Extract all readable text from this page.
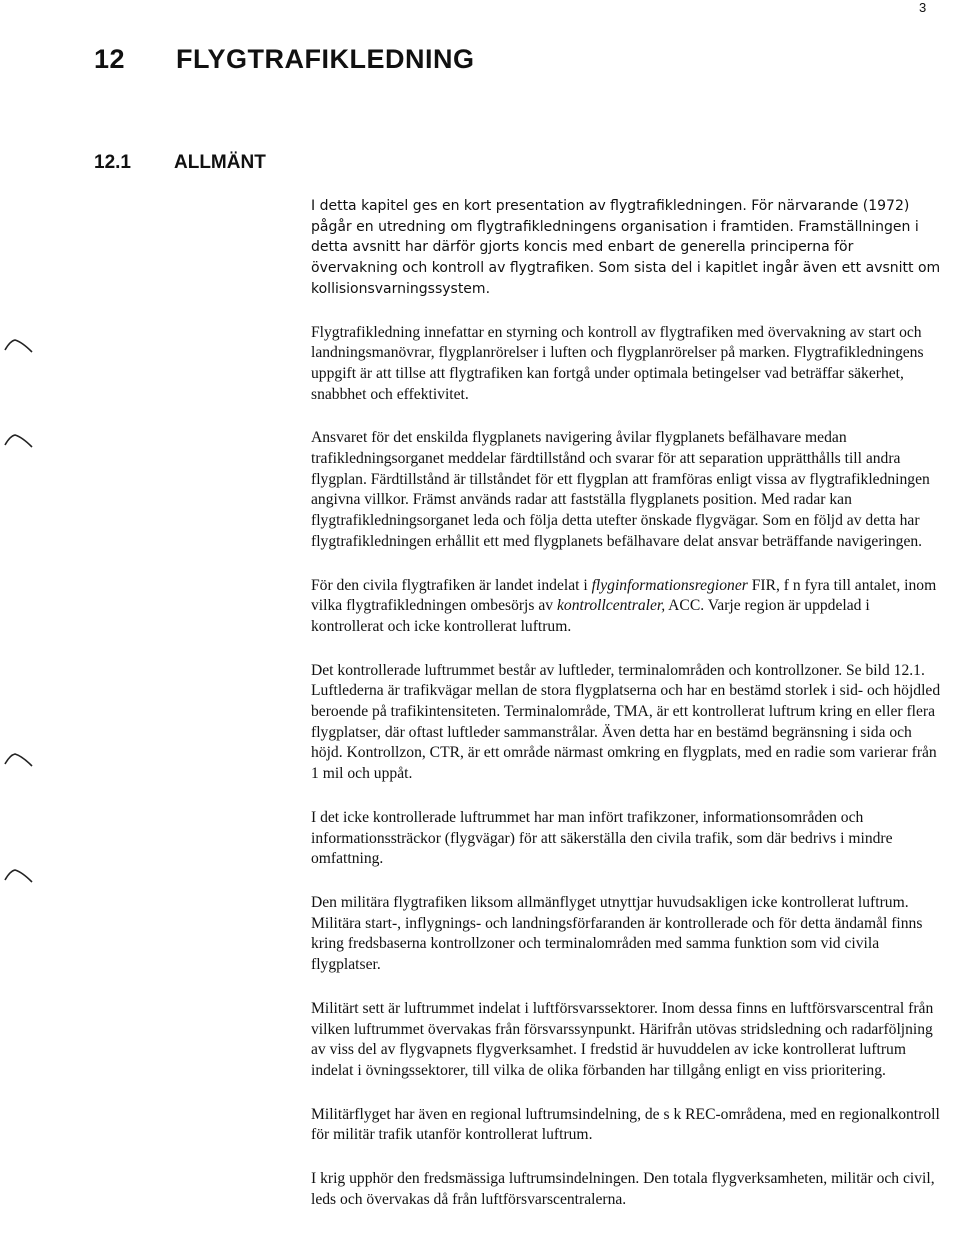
3
12 FLYGTRAFIKLEDNING
12.1 ALLMÄNT

I detta kapitel ges en kort presentation av flygtrafikledningen. För närvarande (1972) pågår en utredning om flygtrafikledningens organisation i framtiden. Framställningen i detta avsnitt har därför gjorts koncis med enbart de generella principerna för övervakning och kontroll av flygtrafiken. Som sista del i kapitlet ingår även ett avsnitt om kollisionsvarningssystem.

Flygtrafikledning innefattar en styrning och kontroll av flygtrafiken med övervakning av start och landningsmanövrar, flygplanrörelser i luften och flygplanrörelser på marken. Flygtrafikledningens uppgift är att tillse att flygtrafiken kan fortgå under optimala betingelser vad beträffar säkerhet, snabbhet och effektivitet.

Ansvaret för det enskilda flygplanets navigering åvilar flygplanets befälhavare medan trafikledningsorganet meddelar färdtillstånd och svarar för att separation upprätthålls till andra flygplan. Färdtillstånd är tillståndet för ett flygplan att framföras enligt vissa av flygtrafikledningen angivna villkor. Främst används radar att fastställa flygplanets position. Med radar kan flygtrafikledningsorganet leda och följa detta utefter önskade flygvägar. Som en följd av detta har flygtrafikledningen erhållit ett med flygplanets befälhavare delat ansvar beträffande navigeringen.

För den civila flygtrafiken är landet indelat i flyginformationsregioner FIR, f n fyra till antalet, inom vilka flygtrafikledningen ombesörjs av kontrollcentraler, ACC. Varje region är uppdelad i kontrollerat och icke kontrollerat luftrum.

Det kontrollerade luftrummet består av luftleder, terminalområden och kontrollzoner. Se bild 12.1. Luftlederna är trafikvägar mellan de stora flygplatserna och har en bestämd storlek i sid- och höjdled beroende på trafikintensiteten. Terminalområde, TMA, är ett kontrollerat luftrum kring en eller flera flygplatser, där oftast luftleder sammanstrålar. Även detta har en bestämd begränsning i sida och höjd. Kontrollzon, CTR, är ett område närmast omkring en flygplats, med en radie som varierar från 1 mil och uppåt.

I det icke kontrollerade luftrummet har man infört trafikzoner, informationsområden och informationssträckor (flygvägar) för att säkerställa den civila trafik, som där bedrivs i mindre omfattning.

Den militära flygtrafiken liksom allmänflyget utnyttjar huvudsakligen icke kontrollerat luftrum. Militära start-, inflygnings- och landningsförfaranden är kontrollerade och för detta ändamål finns kring fredsbaserna kontrollzoner och terminalområden med samma funktion som vid civila flygplatser.

Militärt sett är luftrummet indelat i luftförsvarssektorer. Inom dessa finns en luftförsvarscentral från vilken luftrummet övervakas från försvarssynpunkt. Härifrån utövas stridsledning och radarföljning av viss del av flygvapnets flygverksamhet. I fredstid är huvuddelen av icke kontrollerat luftrum indelat i övningssektorer, till vilka de olika förbanden har tillgång enligt en viss prioritering.

Militärflyget har även en regional luftrumsindelning, de s k REC-områdena, med en regionalkontroll för militär trafik utanför kontrollerat luftrum.

I krig upphör den fredsmässiga luftrumsindelningen. Den totala flygverksamheten, militär och civil, leds och övervakas då från luftförsvarscentralerna.
